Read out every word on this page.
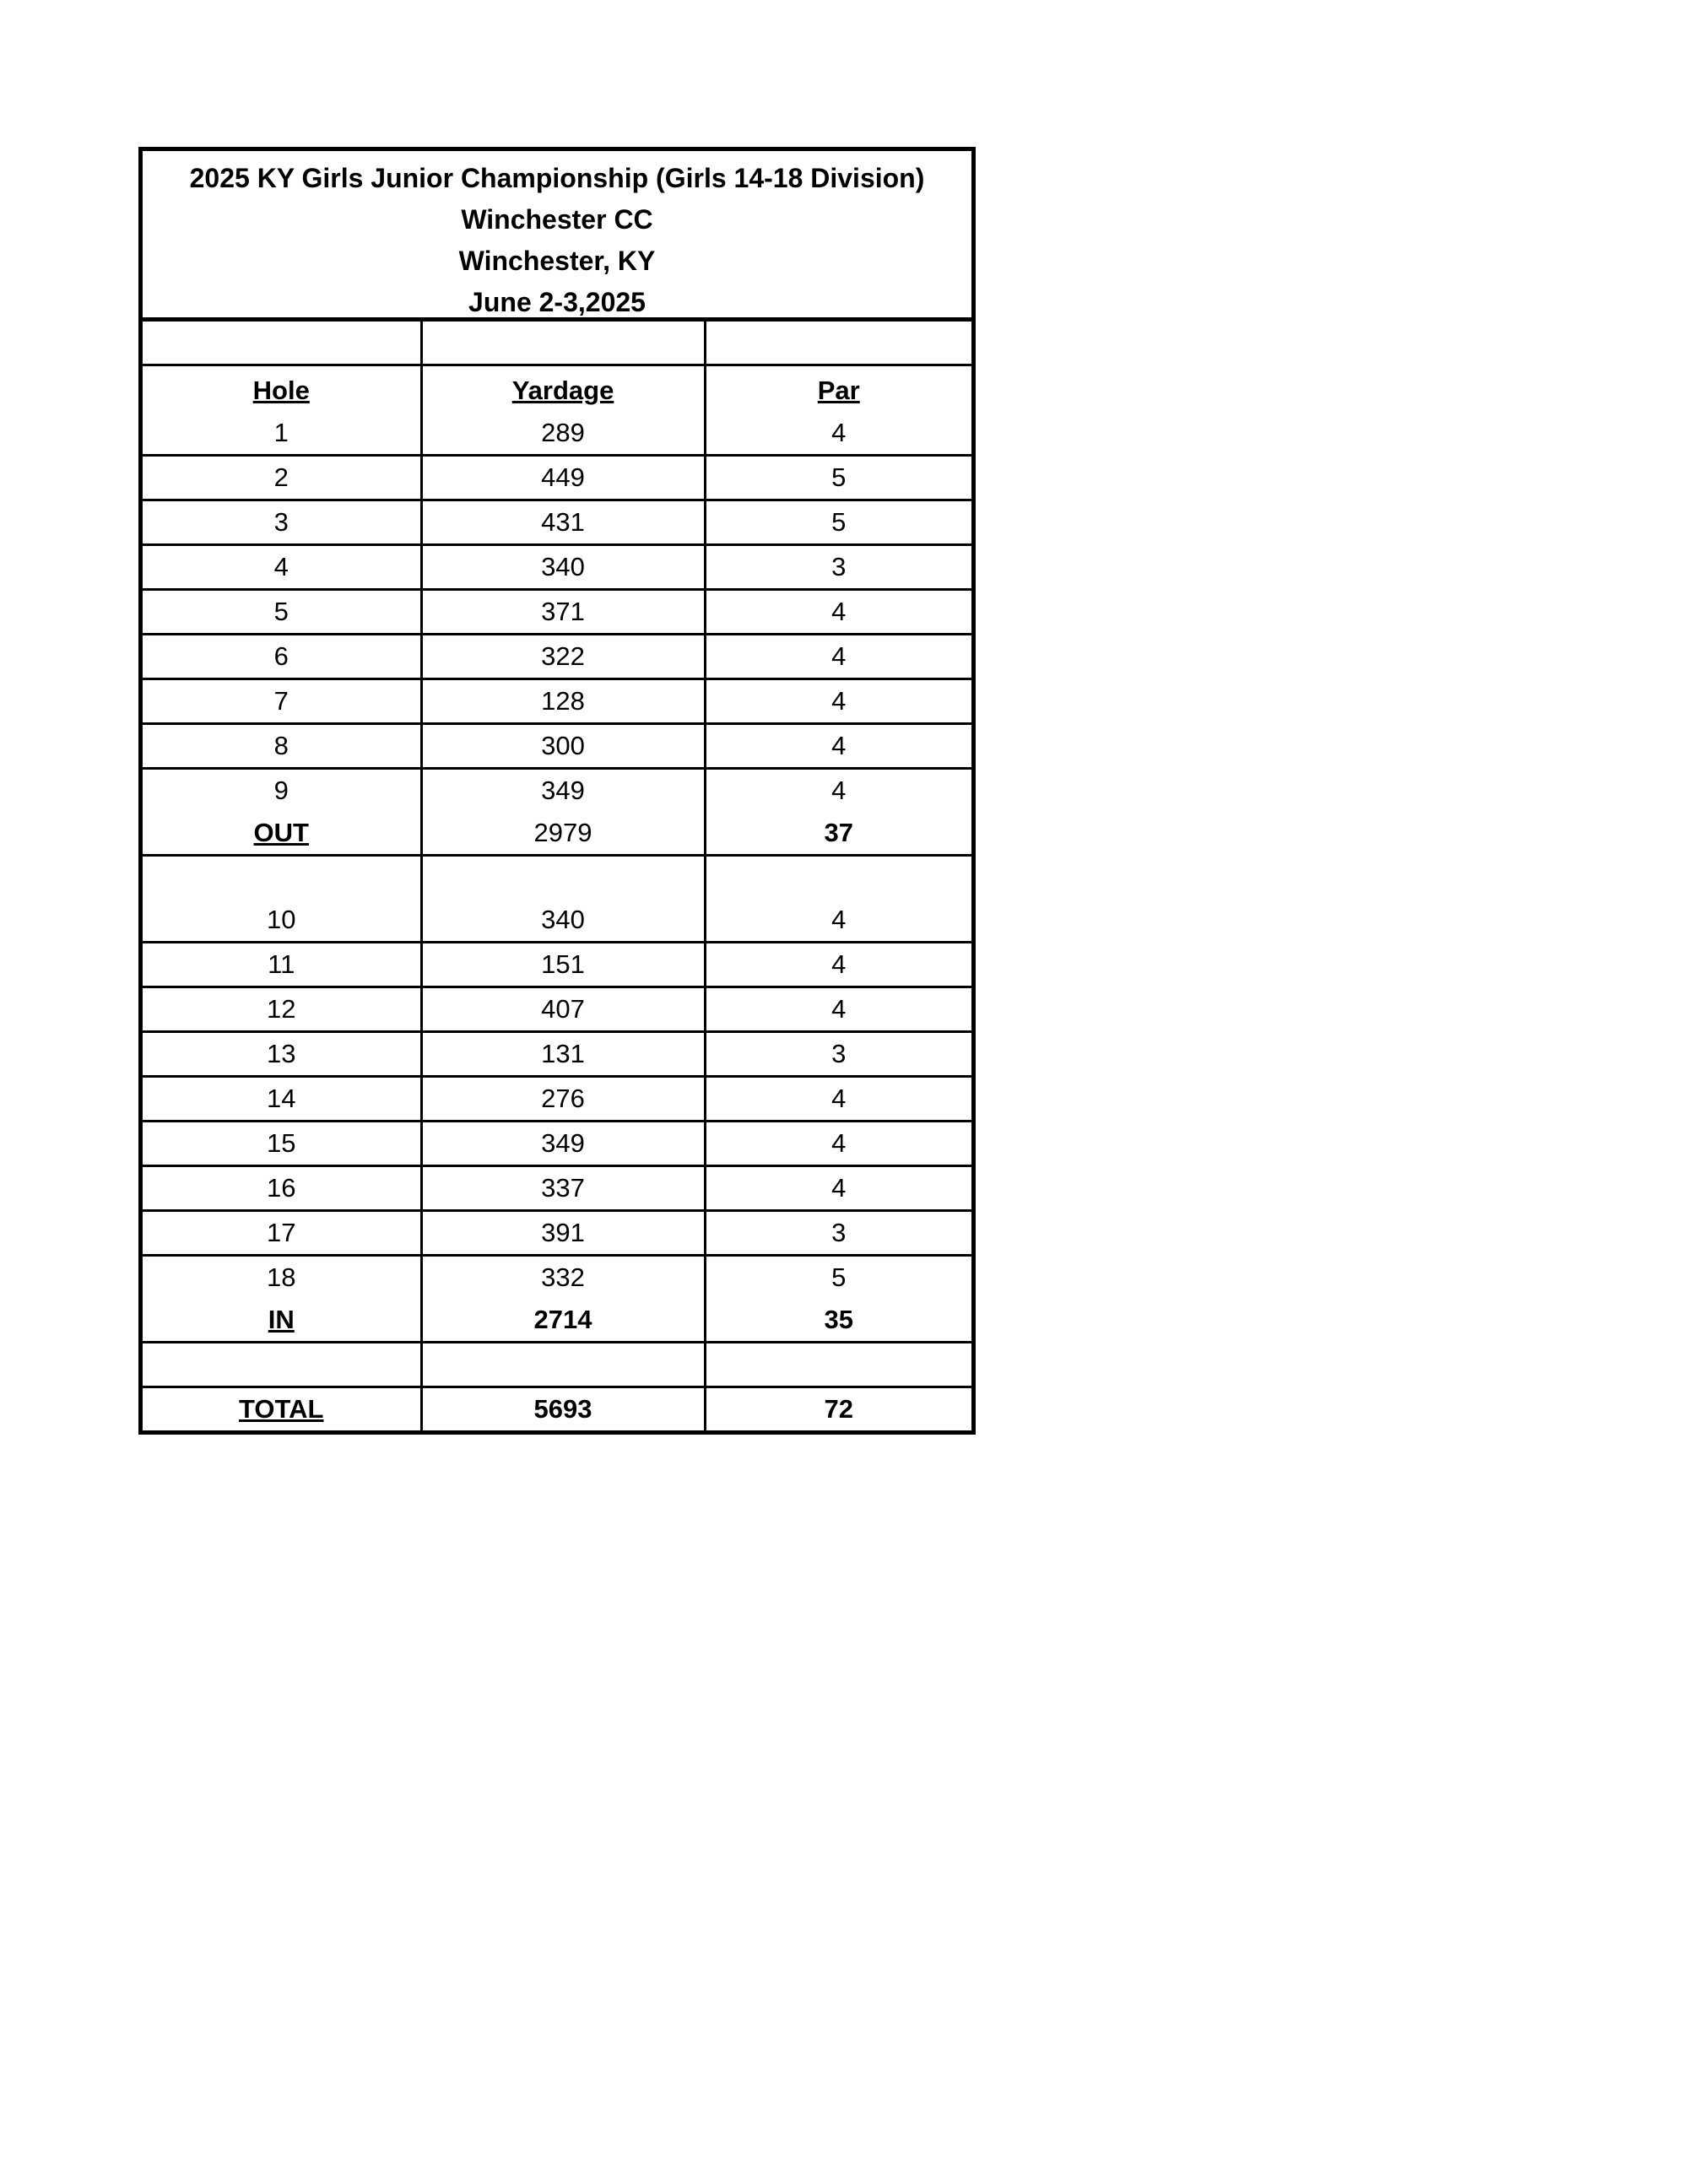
2025 KY Girls Junior Championship (Girls 14-18 Division)
Winchester CC
Winchester, KY
June 2-3,2025

Hole	Yardage	Par
1	289	4
2	449	5
3	431	5
4	340	3
5	371	4
6	322	4
7	128	4
8	300	4
9	349	4
OUT	2979	37

10	340	4
11	151	4
12	407	4
13	131	3
14	276	4
15	349	4
16	337	4
17	391	3
18	332	5
IN	2714	35

TOTAL	5693	72
